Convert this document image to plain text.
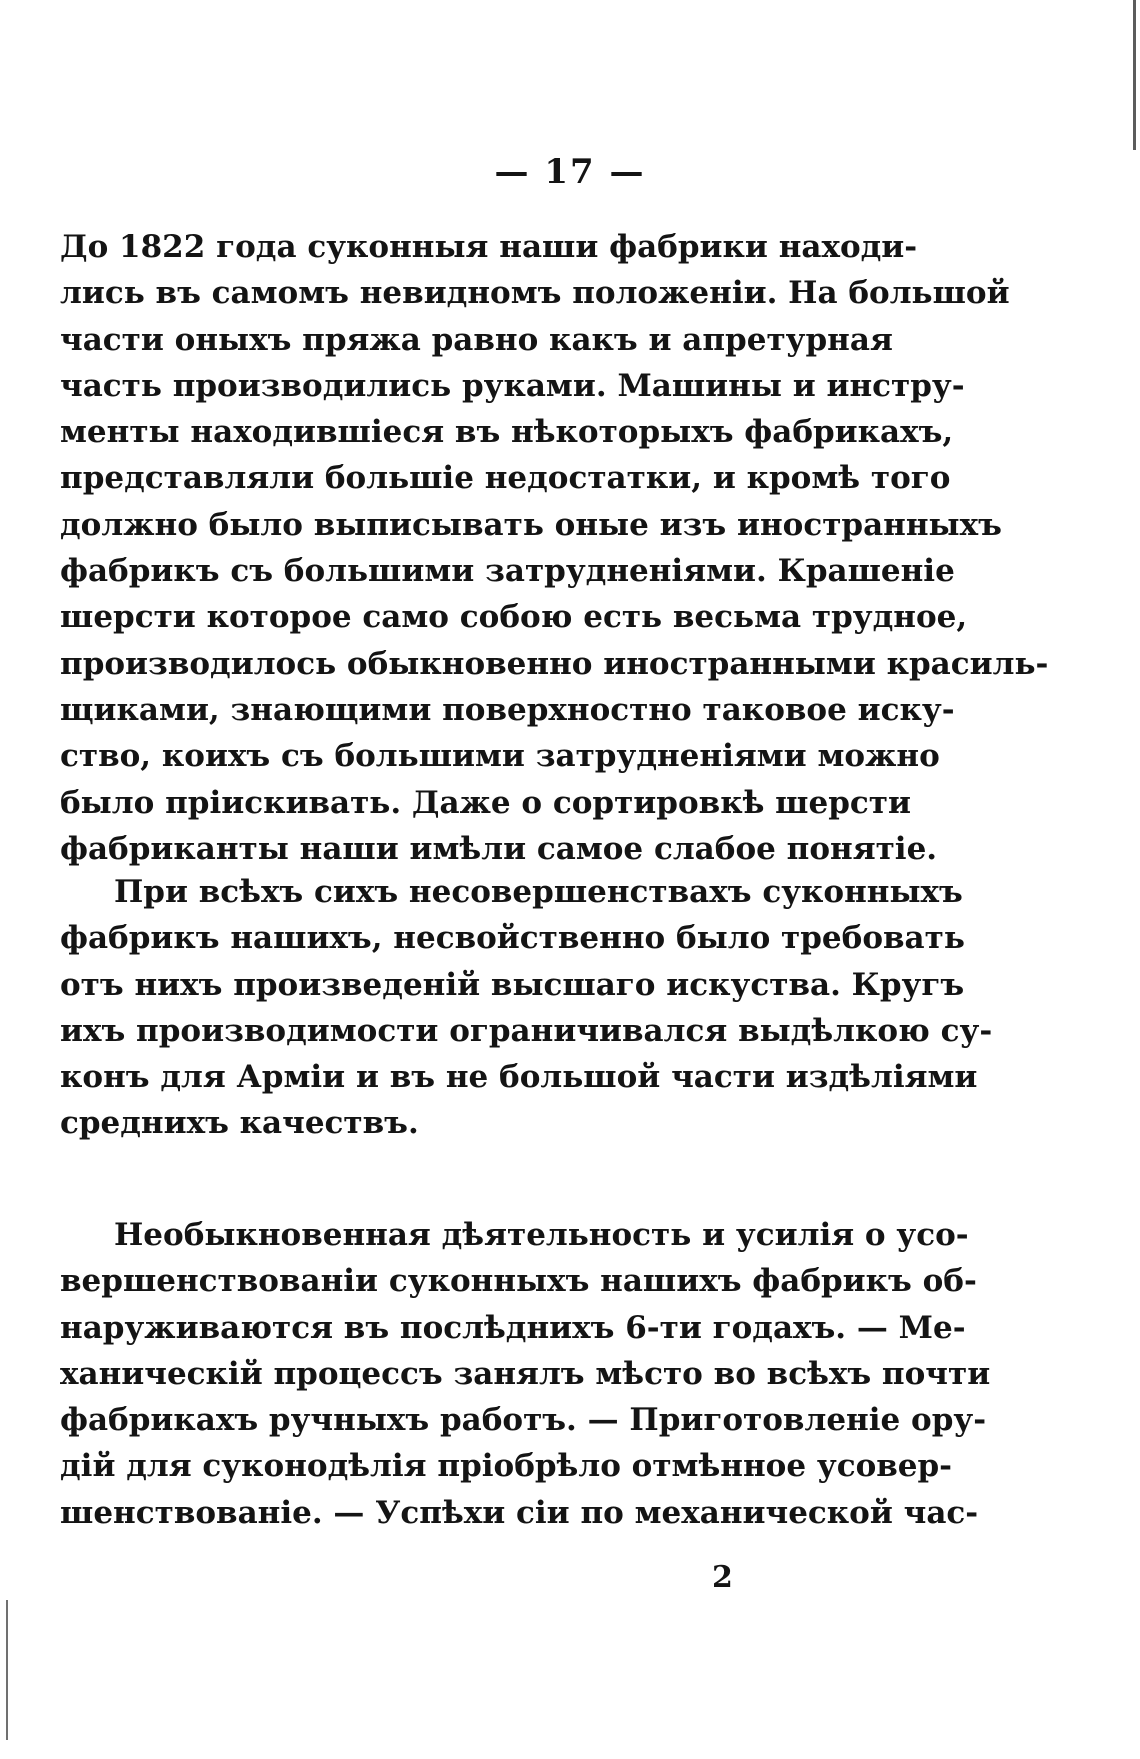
— 17 —
До 1822 года суконныя наши фабрики находи-
лись въ самомъ невидномъ положеніи. На большой
части оныхъ пряжа равно какъ и апретурная
часть производились руками. Машины и инстру-
менты находившіеся въ нѣкоторыхъ фабрикахъ,
представляли большіе недостатки, и кромѣ того
должно было выписывать оные изъ иностранныхъ
фабрикъ съ большими затрудненіями. Крашеніе
шерсти которое само собою есть весьма трудное,
производилось обыкновенно иностранными красиль-
щиками, знающими поверхностно таковое иску-
ство, коихъ съ большими затрудненіями можно
было пріискивать. Даже о сортировкѣ шерсти
фабриканты наши имѣли самое слабое понятіе.
При всѣхъ сихъ несовершенствахъ суконныхъ
фабрикъ нашихъ, несвойственно было требовать
отъ нихъ произведеній высшаго искуства. Кругъ
ихъ производимости ограничивался выдѣлкою су-
конъ для Арміи и въ не большой части издѣліями
среднихъ качествъ.
Необыкновенная дѣятельность и усилія о усо-
вершенствованіи суконныхъ нашихъ фабрикъ об-
наруживаются въ послѣднихъ 6-ти годахъ. — Ме-
ханическій процессъ занялъ мѣсто во всѣхъ почти
фабрикахъ ручныхъ работъ. — Приготовленіе ору-
дій для суконодѣлія пріобрѣло отмѣнное усовер-
шенствованіе. — Успѣхи сіи по механической час-
2
